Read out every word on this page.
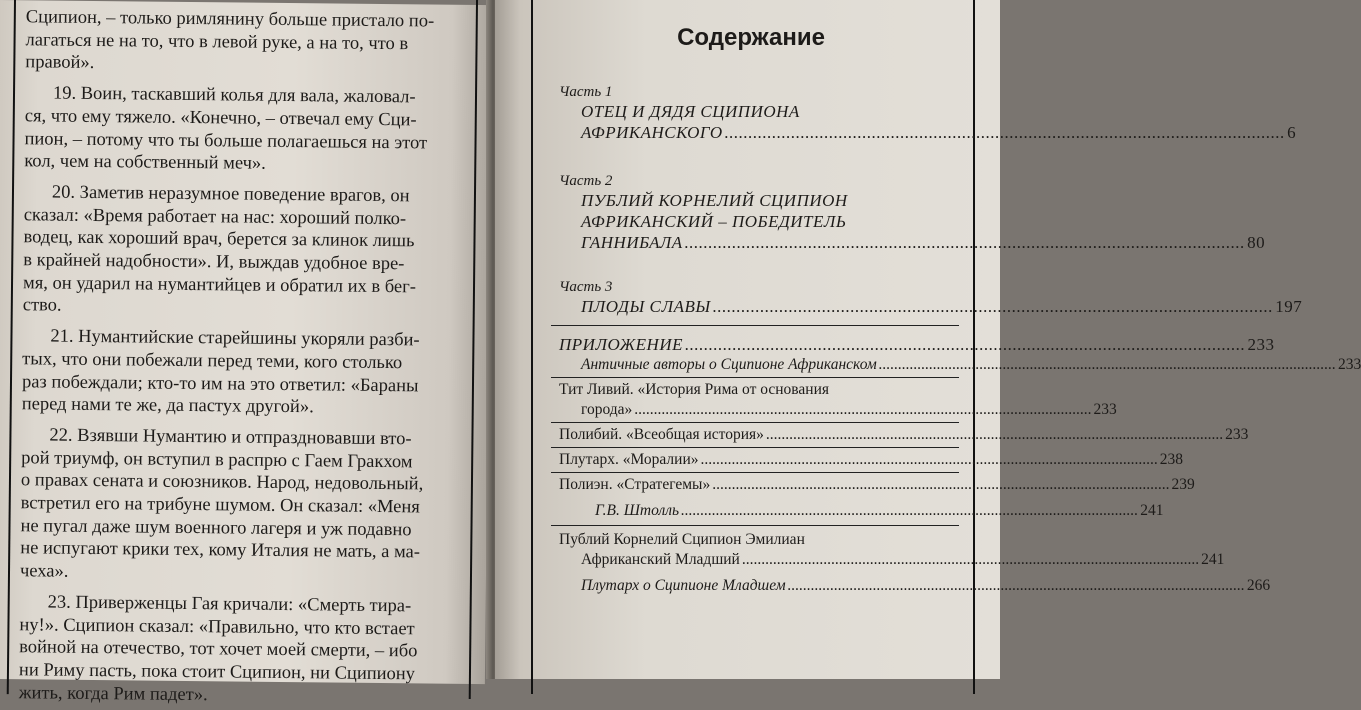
Сципион, – только римлянину больше пристало по-
лагаться не на то, что в левой руке, а на то, что в
правой».
19. Воин, таскавший колья для вала, жаловал-
ся, что ему тяжело. «Конечно, – отвечал ему Сци-
пион, – потому что ты больше полагаешься на этот
кол, чем на собственный меч».
20. Заметив неразумное поведение врагов, он
сказал: «Время работает на нас: хороший полко-
водец, как хороший врач, берется за клинок лишь
в крайней надобности». И, выждав удобное вре-
мя, он ударил на нумантийцев и обратил их в бег-
ство.
21. Нумантийские старейшины укоряли разби-
тых, что они побежали перед теми, кого столько
раз побеждали; кто-то им на это ответил: «Бараны
перед нами те же, да пастух другой».
22. Взявши Нумантию и отпраздновавши вто-
рой триумф, он вступил в распрю с Гаем Гракхом
о правах сената и союзников. Народ, недовольный,
встретил его на трибуне шумом. Он сказал: «Меня
не пугал даже шум военного лагеря и уж подавно
не испугают крики тех, кому Италия не мать, а ма-
чеха».
23. Приверженцы Гая кричали: «Смерть тира-
ну!». Сципион сказал: «Правильно, что кто встает
войной на отечество, тот хочет моей смерти, – ибо
ни Риму пасть, пока стоит Сципион, ни Сципиону
жить, когда Рим падет».
Содержание

Часть 1

ОТЕЦ И ДЯДЯ СЦИПИОНА
АФРИКАНСКОГО .....	6

Часть 2

ПУБЛИЙ КОРНЕЛИЙ СЦИПИОН
АФРИКАНСКИЙ – ПОБЕДИТЕЛЬ
ГАННИБАЛА .....	80

Часть 3

ПЛОДЫ СЛАВЫ .....	197
ПРИЛОЖЕНИЕ .....	233
Античные авторы о Сципионе Африканском .....	233
Тит Ливий. «История Рима от основания
города» .....	233
Полибий. «Всеобщая история» .....	233
Плутарх. «Моралии» .....	238
Полиэн. «Стратегемы» .....	239
Г.В. Штолль .....	241
Публий Корнелий Сципион Эмилиан
Африканский Младший .....	241
Плутарх о Сципионе Младшем .....	266
